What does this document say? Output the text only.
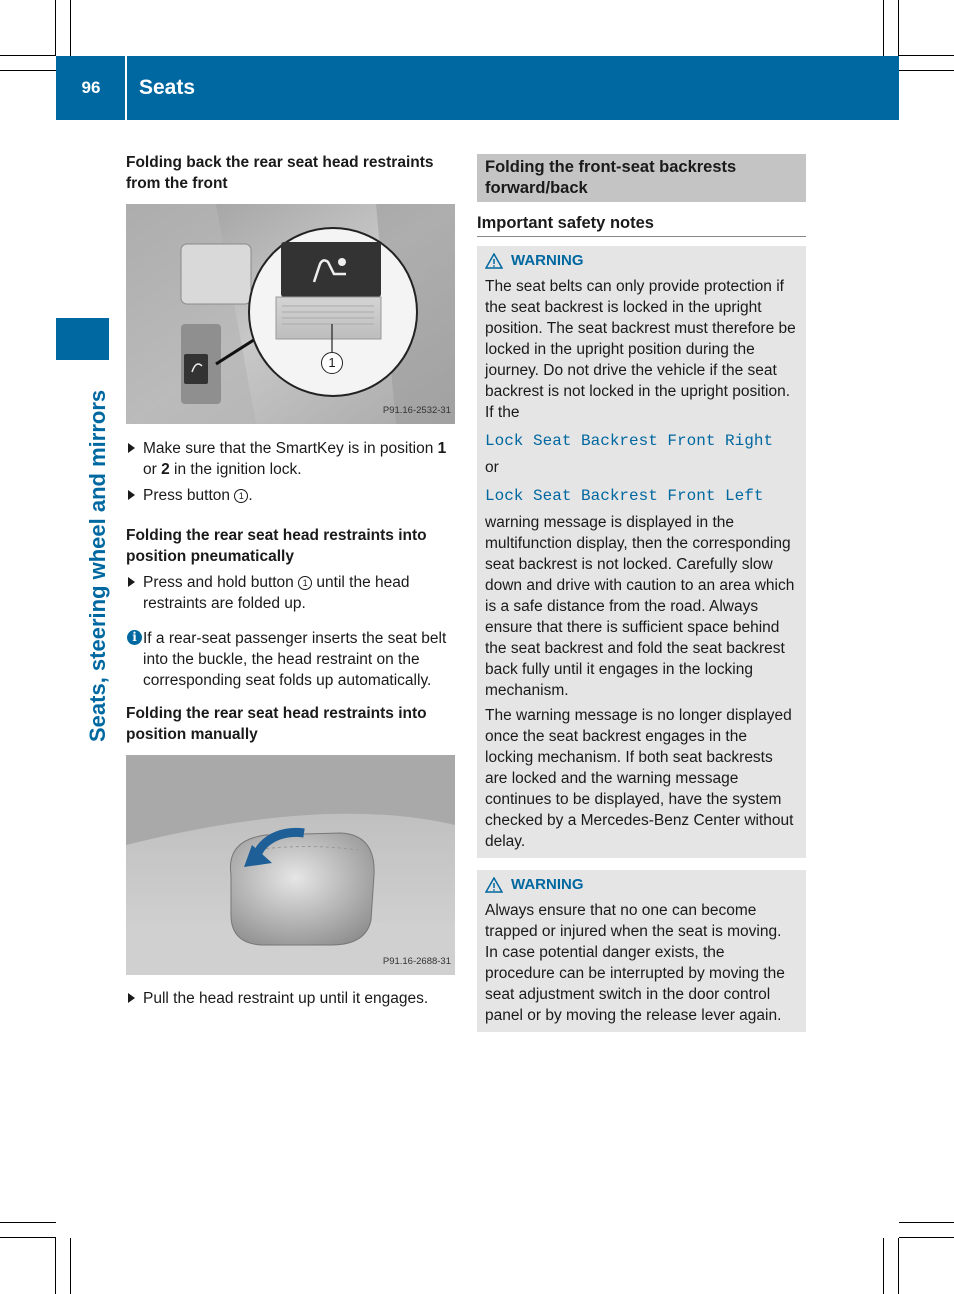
96	Seats
Seats, steering wheel and mirrors

Folding back the rear seat head restraints from the front

1
P91.16-2532-31

Make sure that the SmartKey is in position 1 or 2 in the ignition lock.

Press button 1 .

Folding the rear seat head restraints into position pneumatically

Press and hold button 1 until the head restraints are folded up.

i If a rear-seat passenger inserts the seat belt into the buckle, the head restraint on the corresponding seat folds up automatically.

Folding the rear seat head restraints into position manually

P91.16-2688-31

Pull the head restraint up until it engages.

Folding the front-seat backrests forward/back
Important safety notes
WARNING

The seat belts can only provide protection if the seat backrest is locked in the upright position. The seat backrest must therefore be locked in the upright position during the journey. Do not drive the vehicle if the seat backrest is not locked in the upright position. If the

Lock Seat Backrest Front Right

or

Lock Seat Backrest Front Left

warning message is displayed in the multifunction display, then the corresponding seat backrest is not locked. Carefully slow down and drive with caution to an area which is a safe distance from the road. Always ensure that there is sufficient space behind the seat backrest and fold the seat backrest back fully until it engages in the locking mechanism.

The warning message is no longer displayed once the seat backrest engages in the locking mechanism. If both seat backrests are locked and the warning message continues to be displayed, have the system checked by a Mercedes-Benz Center without delay.

WARNING

Always ensure that no one can become trapped or injured when the seat is moving. In case potential danger exists, the procedure can be interrupted by moving the seat adjustment switch in the door control panel or by moving the release lever again.
